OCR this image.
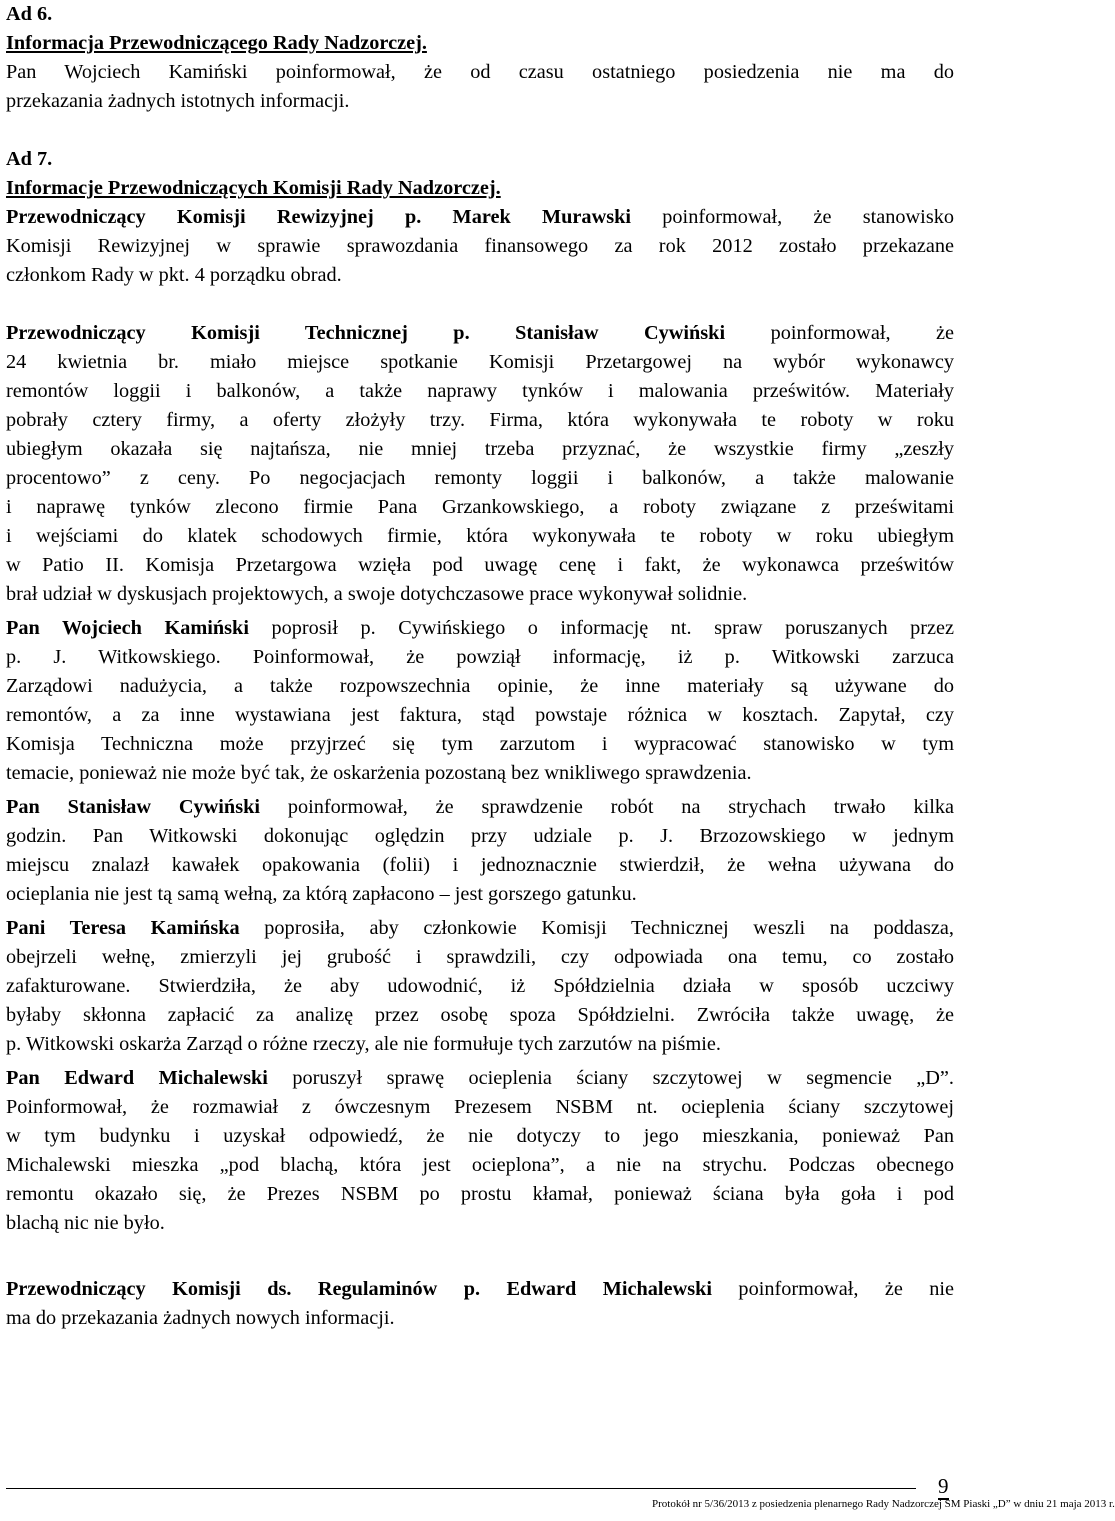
Ad 6.
Informacja Przewodniczącego Rady Nadzorczej.
Pan Wojciech Kamiński poinformował, że od czasu ostatniego posiedzenia nie ma do
przekazania żadnych istotnych informacji.
Ad 7.
Informacje Przewodniczących Komisji Rady Nadzorczej.
Przewodniczący Komisji Rewizyjnej p. Marek Murawski poinformował, że stanowisko
Komisji Rewizyjnej w sprawie sprawozdania finansowego za rok 2012 zostało przekazane
członkom Rady w pkt. 4 porządku obrad.
Przewodniczący Komisji Technicznej p. Stanisław Cywiński poinformował, że
24 kwietnia br. miało miejsce spotkanie Komisji Przetargowej na wybór wykonawcy
remontów loggii i balkonów, a także naprawy tynków i malowania prześwitów. Materiały
pobrały cztery firmy, a oferty złożyły trzy. Firma, która wykonywała te roboty w roku
ubiegłym okazała się najtańsza, nie mniej trzeba przyznać, że wszystkie firmy „zeszły
procentowo” z ceny. Po negocjacjach remonty loggii i balkonów, a także malowanie
i naprawę tynków zlecono firmie Pana Grzankowskiego, a roboty związane z prześwitami
i wejściami do klatek schodowych firmie, która wykonywała te roboty w roku ubiegłym
w Patio II. Komisja Przetargowa wzięła pod uwagę cenę i fakt, że wykonawca prześwitów
brał udział w dyskusjach projektowych, a swoje dotychczasowe prace wykonywał solidnie.
Pan Wojciech Kamiński poprosił p. Cywińskiego o informację nt. spraw poruszanych przez
p. J. Witkowskiego. Poinformował, że powziął informację, iż p. Witkowski zarzuca
Zarządowi nadużycia, a także rozpowszechnia opinie, że inne materiały są używane do
remontów, a za inne wystawiana jest faktura, stąd powstaje różnica w kosztach. Zapytał, czy
Komisja Techniczna może przyjrzeć się tym zarzutom i wypracować stanowisko w tym
temacie, ponieważ nie może być tak, że oskarżenia pozostaną bez wnikliwego sprawdzenia.
Pan Stanisław Cywiński poinformował, że sprawdzenie robót na strychach trwało kilka
godzin. Pan Witkowski dokonując oględzin przy udziale p. J. Brzozowskiego w jednym
miejscu znalazł kawałek opakowania (folii) i jednoznacznie stwierdził, że wełna używana do
ocieplania nie jest tą samą wełną, za którą zapłacono – jest gorszego gatunku.
Pani Teresa Kamińska poprosiła, aby członkowie Komisji Technicznej weszli na poddasza,
obejrzeli wełnę, zmierzyli jej grubość i sprawdzili, czy odpowiada ona temu, co zostało
zafakturowane. Stwierdziła, że aby udowodnić, iż Spółdzielnia działa w sposób uczciwy
byłaby skłonna zapłacić za analizę przez osobę spoza Spółdzielni. Zwróciła także uwagę, że
p. Witkowski oskarża Zarząd o różne rzeczy, ale nie formułuje tych zarzutów na piśmie.
Pan Edward Michalewski poruszył sprawę ocieplenia ściany szczytowej w segmencie „D”.
Poinformował, że rozmawiał z ówczesnym Prezesem NSBM nt. ocieplenia ściany szczytowej
w tym budynku i uzyskał odpowiedź, że nie dotyczy to jego mieszkania, ponieważ Pan
Michalewski mieszka „pod blachą, która jest ocieplona”, a nie na strychu. Podczas obecnego
remontu okazało się, że Prezes NSBM po prostu kłamał, ponieważ ściana była goła i pod
blachą nic nie było.
Przewodniczący Komisji ds. Regulaminów p. Edward Michalewski poinformował, że nie
ma do przekazania żadnych nowych informacji.
Protokół nr 5/36/2013 z posiedzenia plenarnego Rady Nadzorczej SM Piaski „D” w dniu 21 maja 2013 r.
9
